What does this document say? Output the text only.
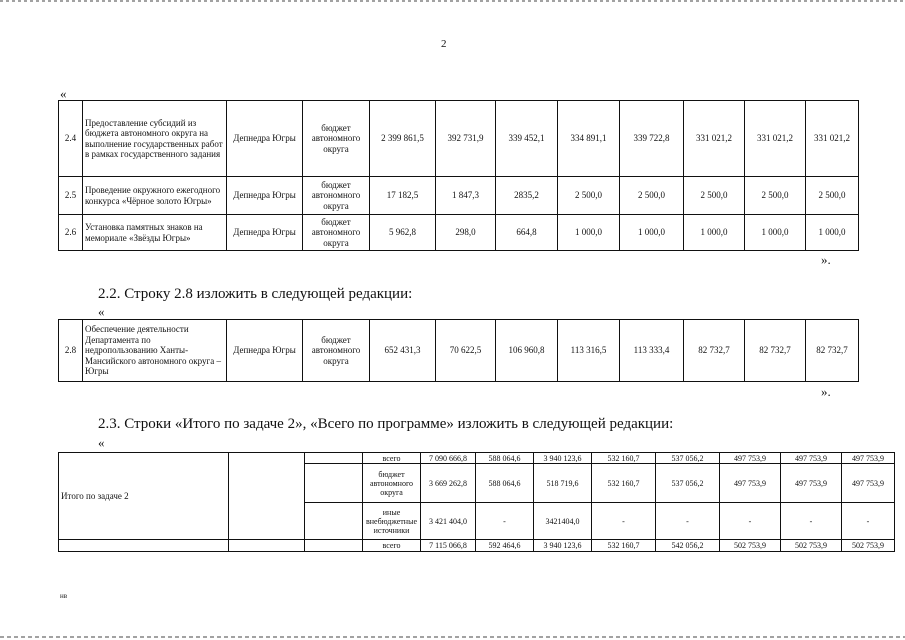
2
«
2.4	Предоставление субсидий из бюджета автономного округа на выполнение государственных работ в рамках государственного задания	Депнедра Югры	бюджет автономного округа	2 399 861,5	392 731,9	339 452,1	334 891,1	339 722,8	331 021,2	331 021,2	331 021,2
2.5	Проведение окружного ежегодного конкурса «Чёрное золото Югры»	Депнедра Югры	бюджет автономного округа	17 182,5	1 847,3	2835,2	2 500,0	2 500,0	2 500,0	2 500,0	2 500,0
2.6	Установка памятных знаков на мемориале «Звёзды Югры»	Депнедра Югры	бюджет автономного округа	5 962,8	298,0	664,8	1 000,0	1 000,0	1 000,0	1 000,0	1 000,0
».
2.2. Строку 2.8 изложить в следующей редакции:
«
2.8	Обеспечение деятельности Департамента по недропользованию Ханты-Мансийского автономного округа – Югры	Депнедра Югры	бюджет автономного округа	652 431,3	70 622,5	106 960,8	113 316,5	113 333,4	82 732,7	82 732,7	82 732,7
».
2.3. Строки «Итого по задаче 2», «Всего по программе» изложить в следующей редакции:
«
Итого по задаче 2			всего	7 090 666,8	588 064,6	3 940 123,6	532 160,7	537 056,2	497 753,9	497 753,9	497 753,9
			бюджет автономного округа	3 669 262,8	588 064,6	518 719,6	532 160,7	537 056,2	497 753,9	497 753,9	497 753,9
			иные внебюджетные источники	3 421 404,0	-	3421404,0	-	-	-	-	-
			всего	7 115 066,8	592 464,6	3 940 123,6	532 160,7	542 056,2	502 753,9	502 753,9	502 753,9
нв
